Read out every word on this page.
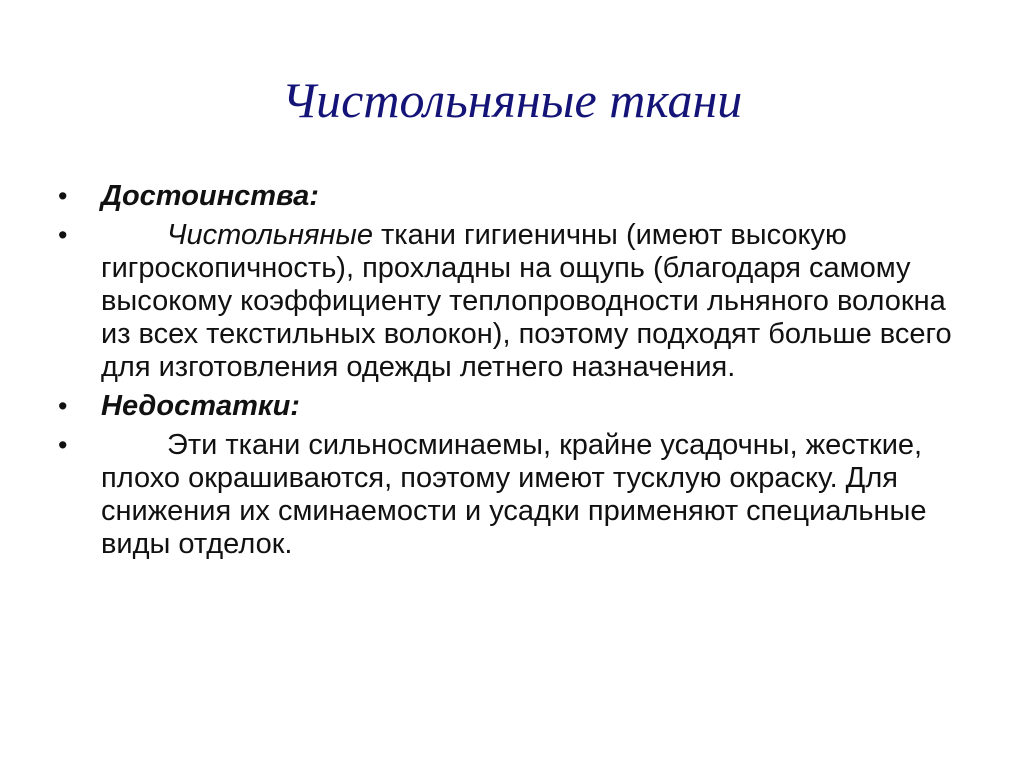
Чистольняные ткани
• Достоинства:
•	Чистольняные ткани гигиеничны (имеют высокую гигроскопичность), прохладны на ощупь (благодаря самому высокому коэффициенту теплопроводности льняного волокна из всех текстильных волокон), поэтому подходят больше всего для изготовления одежды летнего назначения.
• Недостатки:
•	Эти ткани сильносминаемы, крайне усадочны, жесткие, плохо окрашиваются, поэтому имеют тусклую окраску. Для снижения их сминаемости и усадки применяют специальные виды отделок.
